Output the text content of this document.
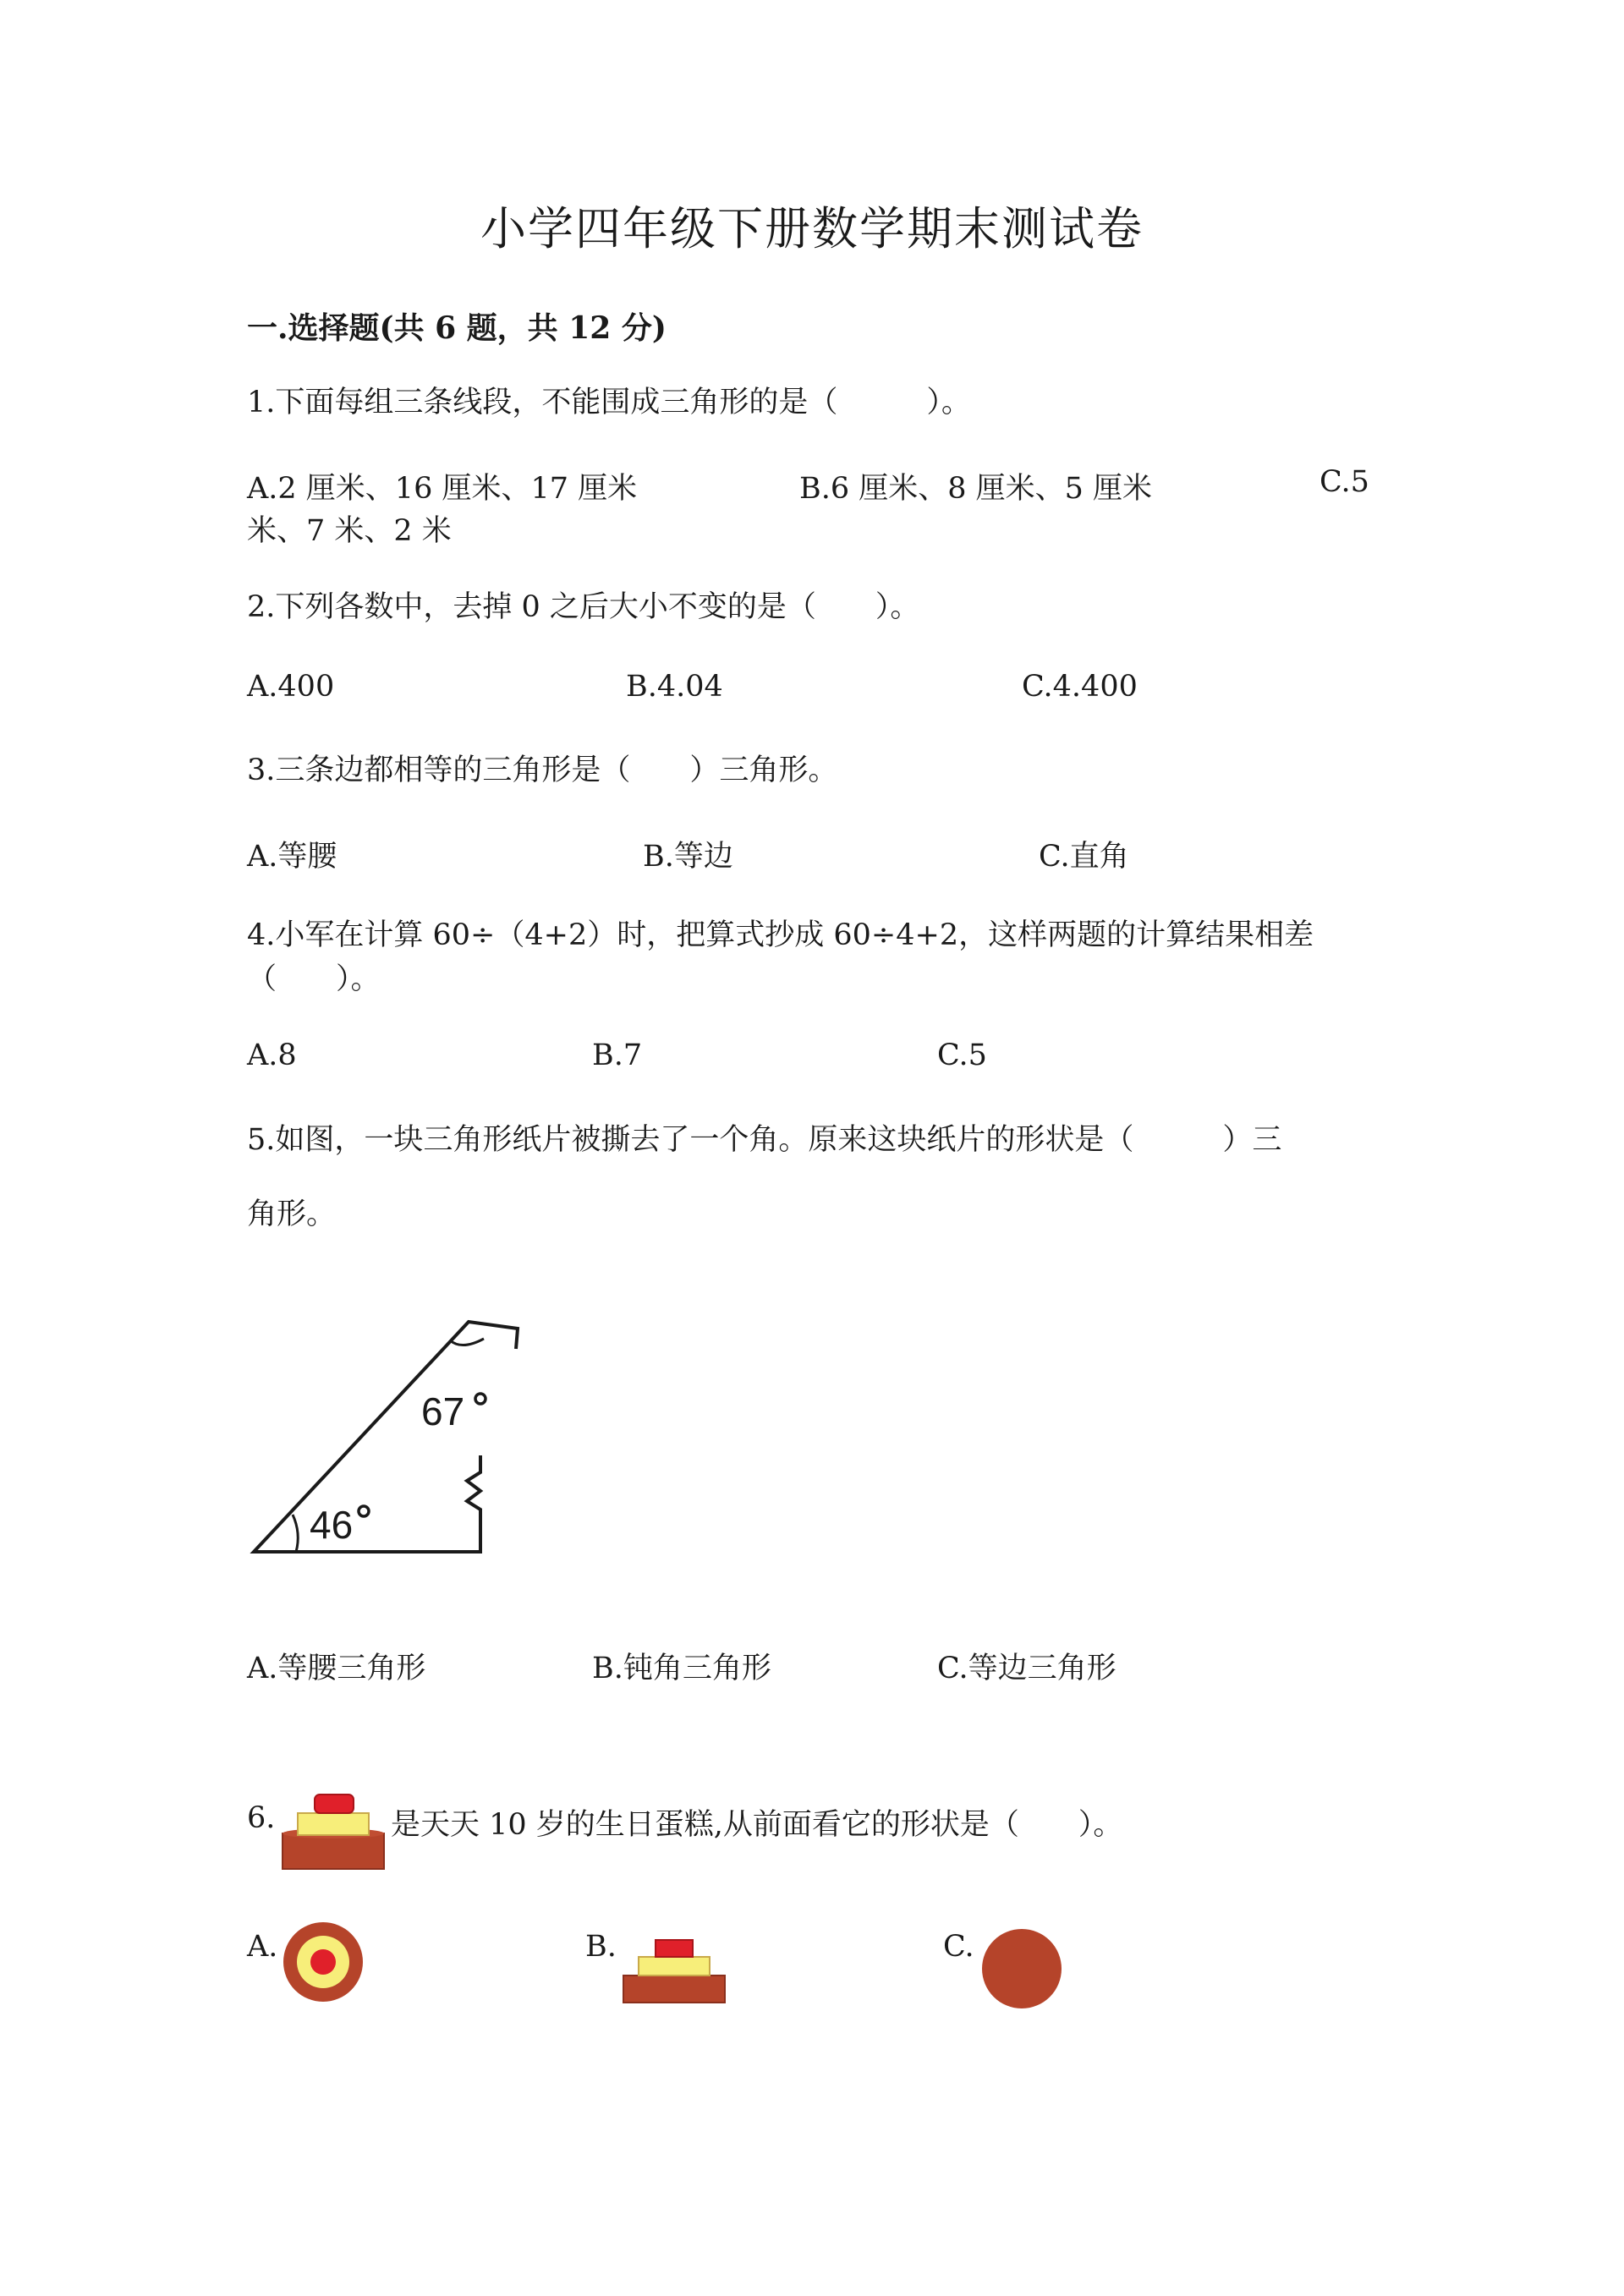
小学四年级下册数学期末测试卷
一.选择题(共 6 题，共 12 分)
1.下面每组三条线段，不能围成三角形的是（　　　）。
A.2 厘米、16 厘米、17 厘米	B.6 厘米、8 厘米、5 厘米	C.5
米、7 米、2 米
2.下列各数中，去掉 0 之后大小不变的是（　　）。
A.400	B.4.04	C.4.400
3.三条边都相等的三角形是（　　）三角形。
A.等腰	B.等边	C.直角
4.小军在计算 60÷（4+2）时，把算式抄成 60÷4+2，这样两题的计算结果相差
（　　）。
A.8	B.7	C.5
5.如图，一块三角形纸片被撕去了一个角。原来这块纸片的形状是（　　　）三
角形。
67
46
A.等腰三角形	B.钝角三角形	C.等边三角形
6.	是天天 10 岁的生日蛋糕,从前面看它的形状是（　　）。
A.	B.	C.
